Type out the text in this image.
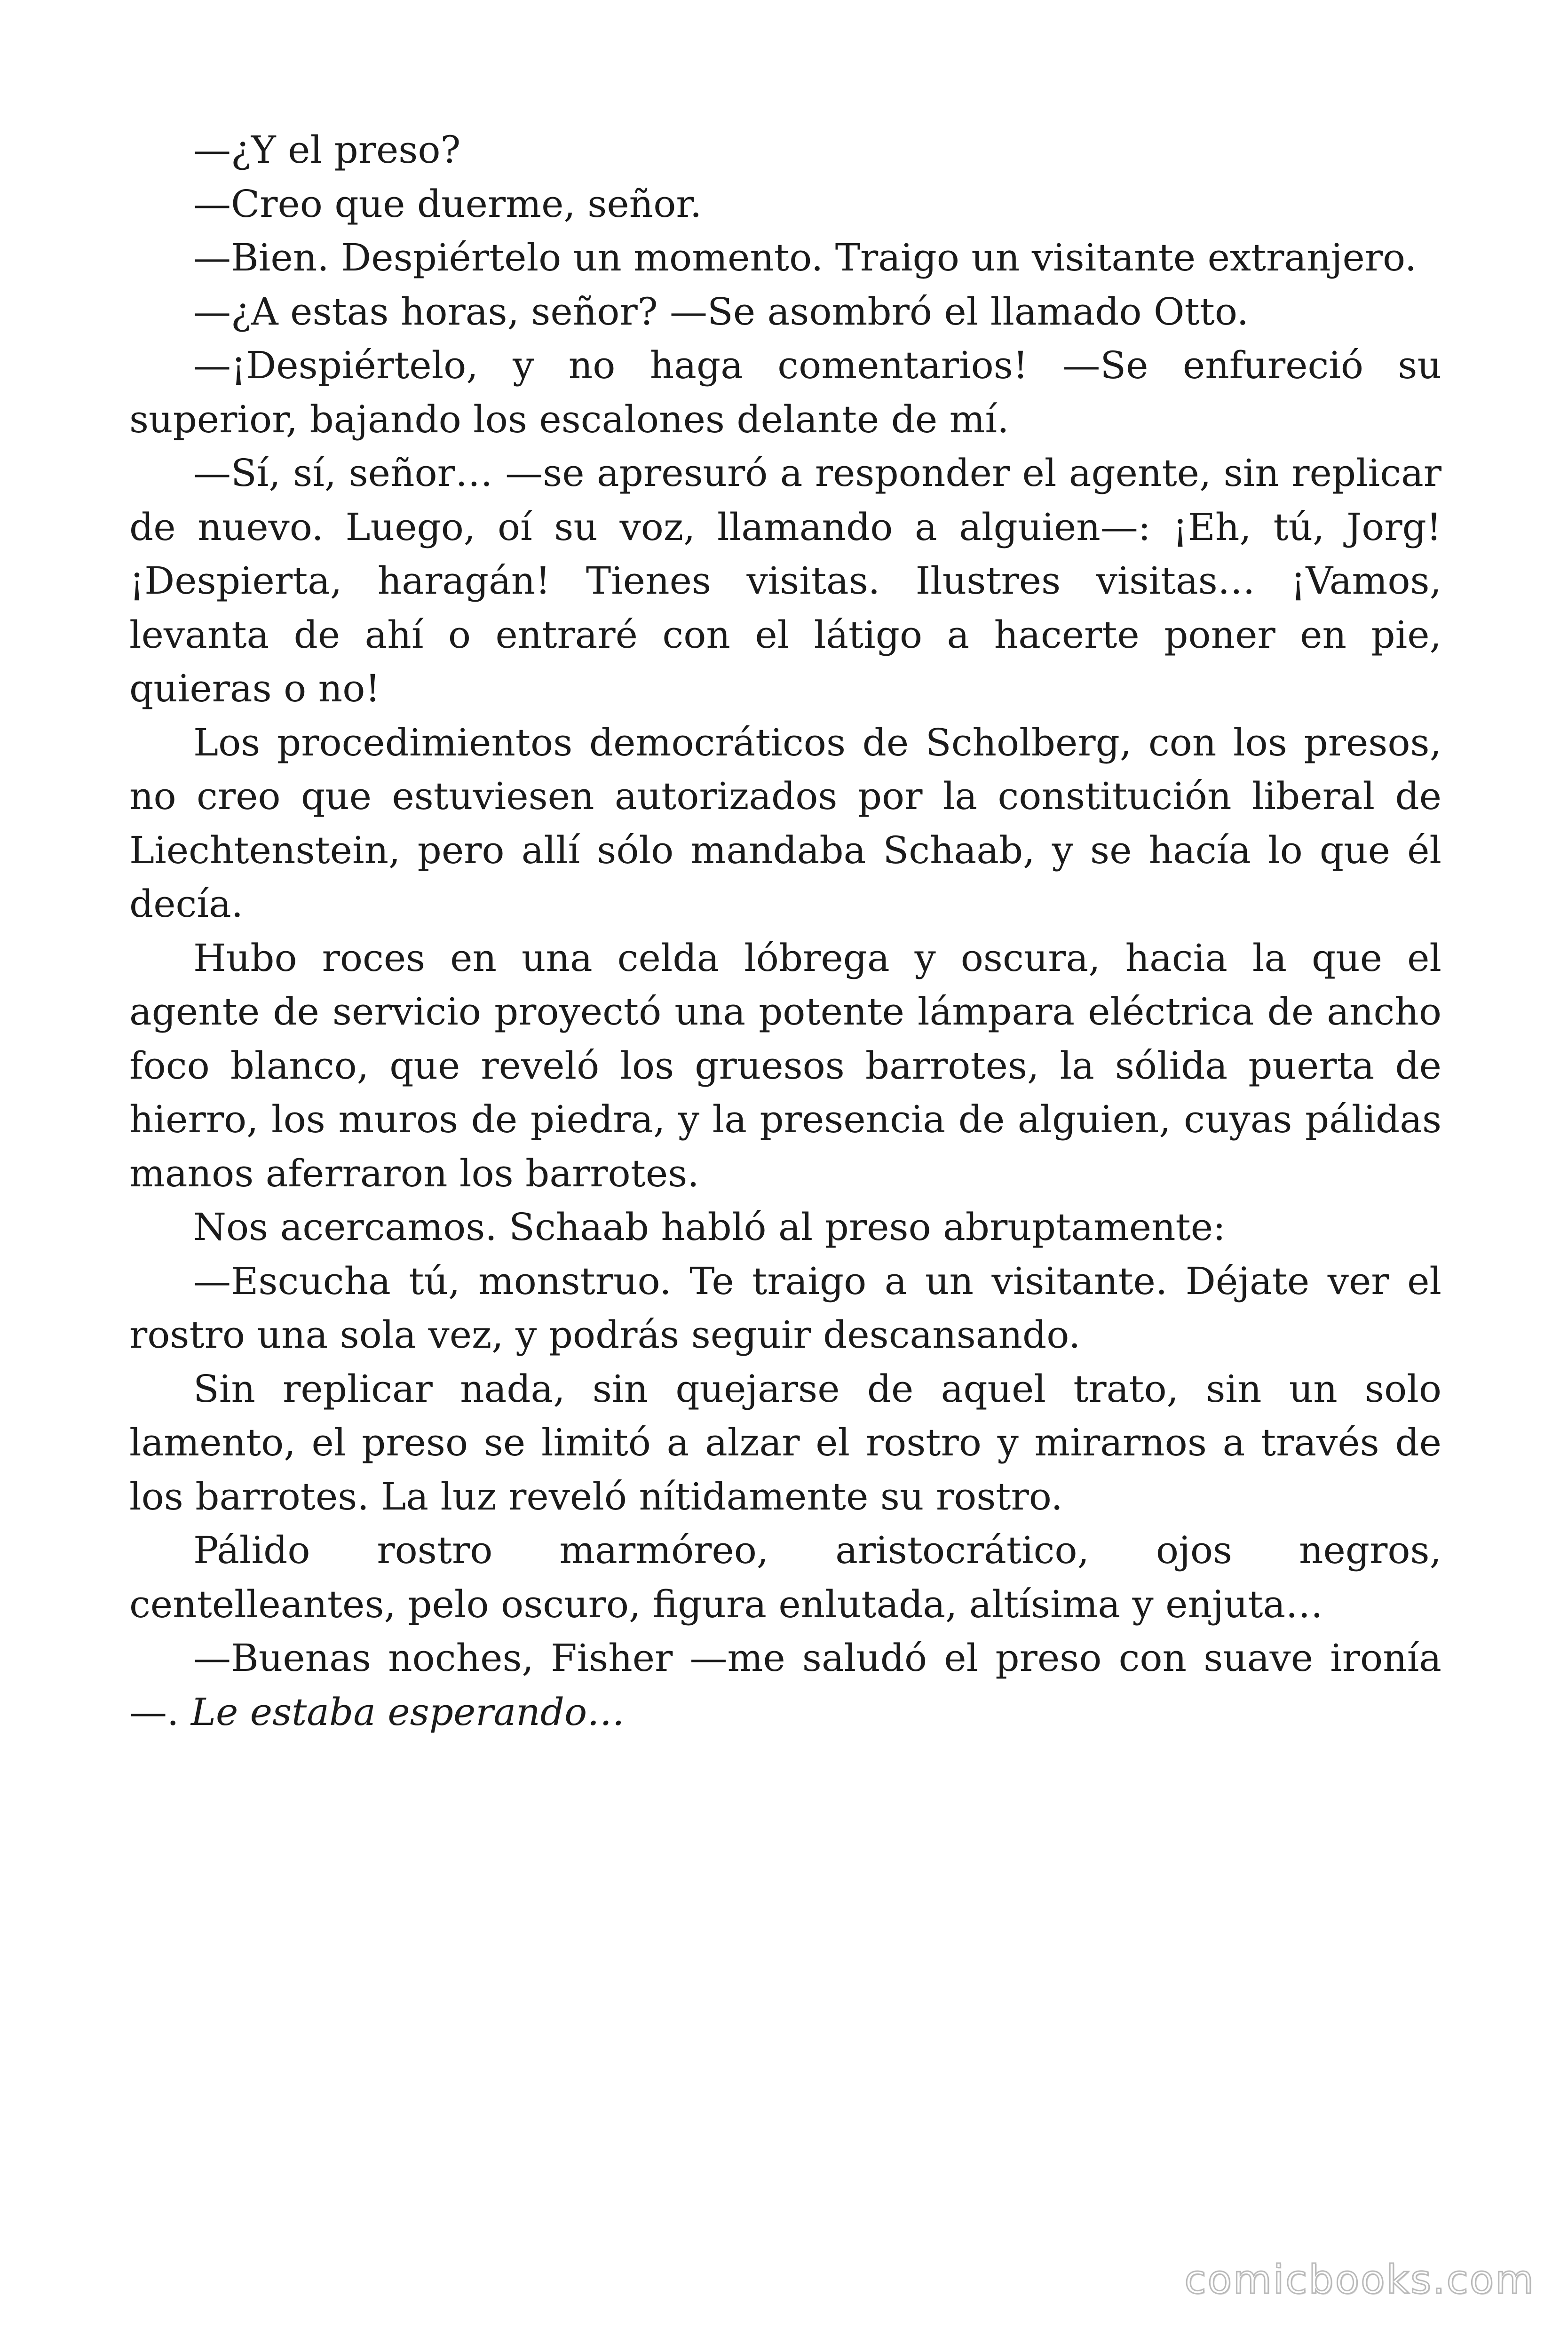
—¿Y el preso?

—Creo que duerme, señor.

—Bien. Despiértelo un momento. Traigo un visitante extranjero.

—¿A estas horas, señor? —Se asombró el llamado Otto.

—¡Despiértelo, y no haga comentarios! —Se enfureció su superior, bajando los escalones delante de mí.

—Sí, sí, señor… —se apresuró a responder el agente, sin replicar de nuevo. Luego, oí su voz, llamando a alguien—: ¡Eh, tú, Jorg! ¡Despierta, haragán! Tienes visitas. Ilustres visitas… ¡Vamos, levanta de ahí o entraré con el látigo a hacerte poner en pie, quieras o no!

Los procedimientos democráticos de Scholberg, con los presos, no creo que estuviesen autorizados por la constitución liberal de Liechtenstein, pero allí sólo mandaba Schaab, y se hacía lo que él decía.

Hubo roces en una celda lóbrega y oscura, hacia la que el agente de servicio proyectó una potente lámpara eléctrica de ancho foco blanco, que reveló los gruesos barrotes, la sólida puerta de hierro, los muros de piedra, y la presencia de alguien, cuyas pálidas manos aferraron los barrotes.

Nos acercamos. Schaab habló al preso abruptamente:

—Escucha tú, monstruo. Te traigo a un visitante. Déjate ver el rostro una sola vez, y podrás seguir descansando.

Sin replicar nada, sin quejarse de aquel trato, sin un solo lamento, el preso se limitó a alzar el rostro y mirarnos a través de los barrotes. La luz reveló nítidamente su rostro.

Pálido rostro marmóreo, aristocrático, ojos negros, centelleantes, pelo oscuro, figura enlutada, altísima y enjuta…

—Buenas noches, Fisher —me saludó el preso con suave ironía —. Le estaba esperando…

comicbooks.com
